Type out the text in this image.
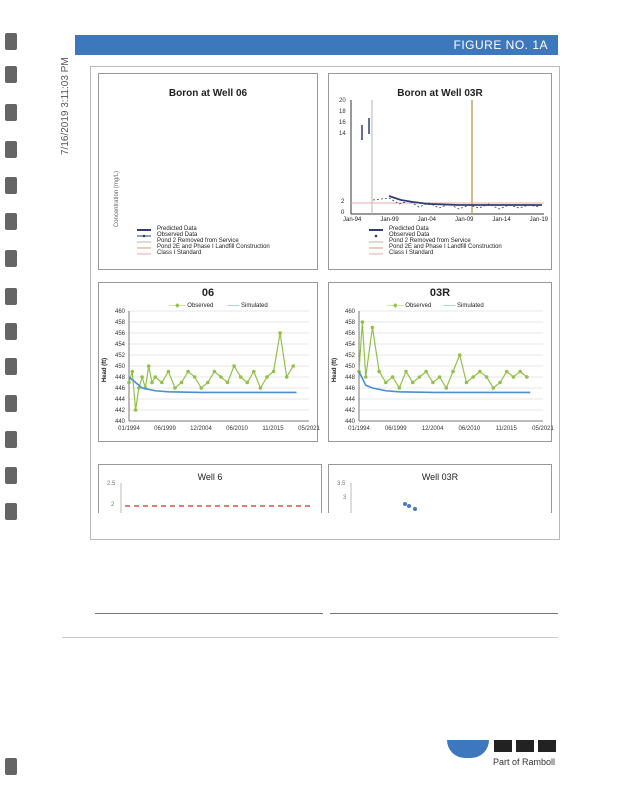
7/16/2019 3:11:03 PM
FIGURE NO. 1A
Boron at Well 06
Concentration (mg/L)
Predicted Data
Observed Data
Pond 2 Removed from Service
Pond 2E and Phase I Landfill Construction
Class I Standard
Boron at Well 03R
20
18
16
14
2
0
Jan-94	Jan-99	Jan-04	Jan-09	Jan-14	Jan-19
Predicted Data
Observed Data
Pond 2 Removed from Service
Pond 2E and Phase I Landfill Construction
Class I Standard
06
—◆— Observed —— Simulated
Head (ft)
460
458
456
454
452
450
448
446
444
442
440
01/1994 06/1999 12/2004 06/2010 11/2015 05/2021
03R
—◆— Observed —— Simulated
Head (ft)
460
458
456
454
452
450
448
446
444
442
440
01/1994	06/1999	12/2004	06/2010	11/2015	05/2021
Well 6
2.5
2
Well 03R
3.5
3
Part of Ramboll
